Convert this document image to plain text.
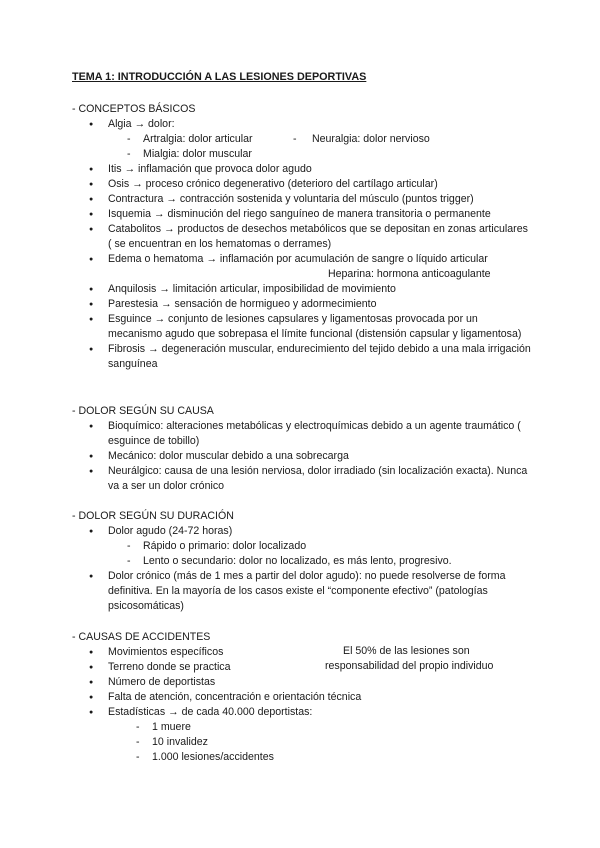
TEMA 1: INTRODUCCIÓN A LAS LESIONES DEPORTIVAS
- CONCEPTOS BÁSICOS
● Algia → dolor:
- Artralgia: dolor articular	- Neuralgia: dolor nervioso
- Mialgia: dolor muscular
● Itis → inflamación que provoca dolor agudo
● Osis → proceso crónico degenerativo (deterioro del cartílago articular)
● Contractura → contracción sostenida y voluntaria del músculo (puntos trigger)
● Isquemia → disminución del riego sanguíneo de manera transitoria o permanente
● Catabolitos → productos de desechos metabólicos que se depositan en zonas articulares ( se encuentran en los hematomas o derrames)
● Edema o hematoma → inflamación por acumulación de sangre o líquido articular
Heparina: hormona anticoagulante
● Anquilosis → limitación articular, imposibilidad de movimiento
● Parestesia → sensación de hormigueo y adormecimiento
● Esguince → conjunto de lesiones capsulares y ligamentosas provocada por un mecanismo agudo que sobrepasa el límite funcional (distensión capsular y ligamentosa)
● Fibrosis → degeneración muscular, endurecimiento del tejido debido a una mala irrigación sanguínea
- DOLOR SEGÚN SU CAUSA
● Bioquímico: alteraciones metabólicas y electroquímicas debido a un agente traumático ( esguince de tobillo)
● Mecánico: dolor muscular debido a una sobrecarga
● Neurálgico: causa de una lesión nerviosa, dolor irradiado (sin localización exacta). Nunca va a ser un dolor crónico
- DOLOR SEGÚN SU DURACIÓN
● Dolor agudo (24-72 horas)
- Rápido o primario: dolor localizado
- Lento o secundario: dolor no localizado, es más lento, progresivo.
● Dolor crónico (más de 1 mes a partir del dolor agudo): no puede resolverse de forma definitiva. En la mayoría de los casos existe el “componente efectivo” (patologías psicosomáticas)
- CAUSAS DE ACCIDENTES
● Movimientos específicos
● Terreno donde se practica
● Número de deportistas
● Falta de atención, concentración e orientación técnica
● Estadísticas → de cada 40.000 deportistas:
- 1 muere
- 10 invalidez
- 1.000 lesiones/accidentes
El 50% de las lesiones son
responsabilidad del propio individuo
